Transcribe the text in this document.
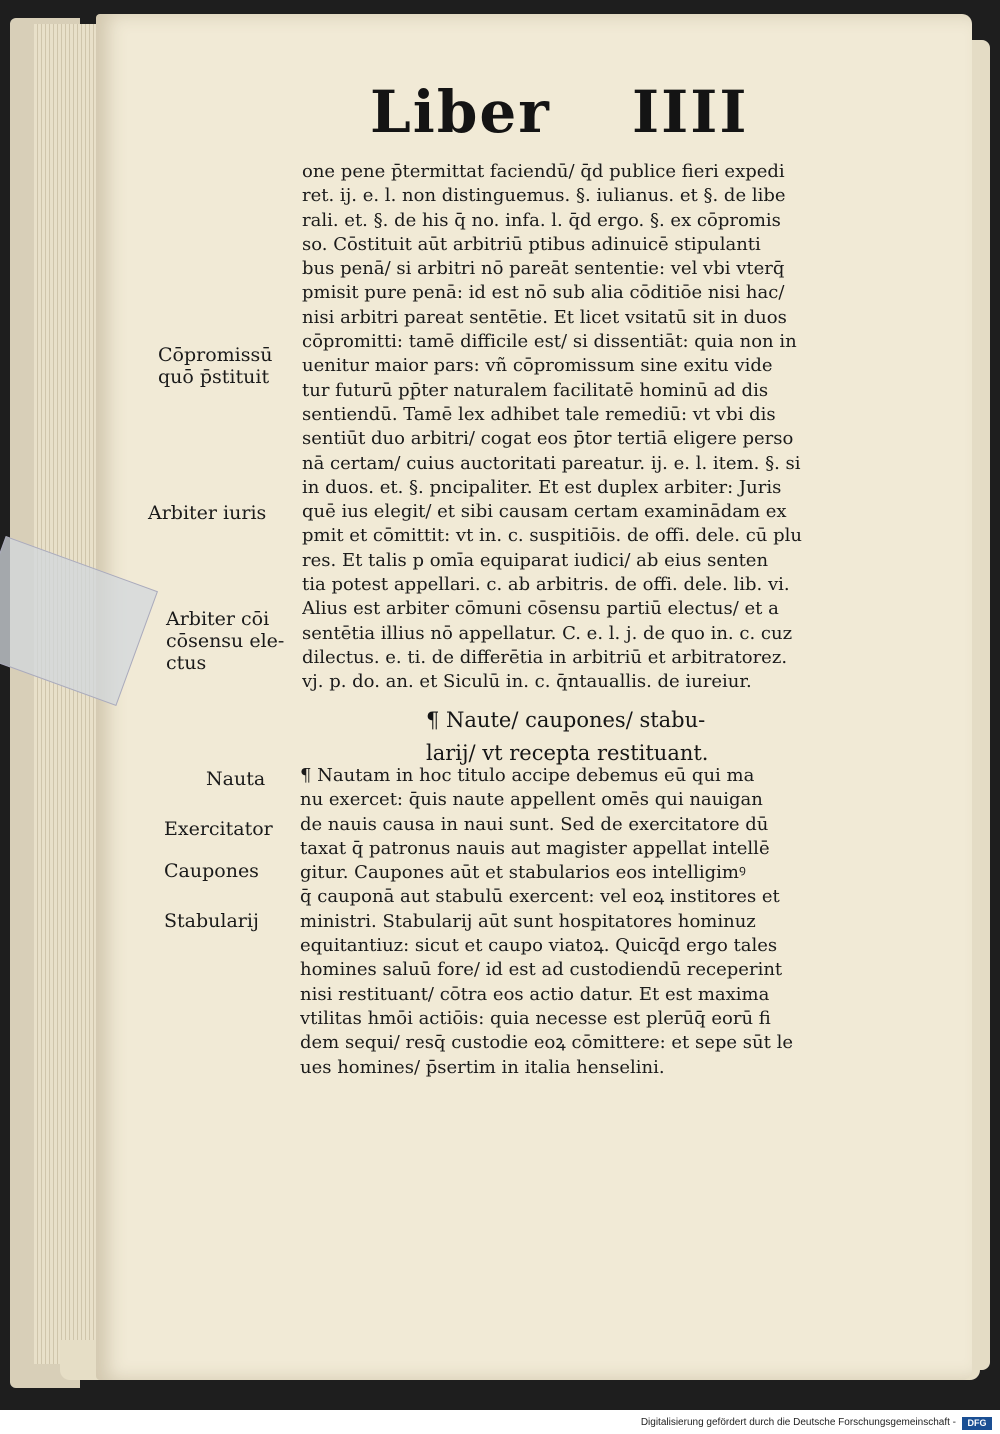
Liber IIII
one pene p̄termittat faciendū/ q̄d publice fieri expedi
ret. ij. e. l. non distinguemus. §. iulianus. et §. de libe
rali. et. §. de his q̄ no. infa. l. q̄d ergo. §. ex cōpromis
so. Cōstituit aūt arbitriū ptibus adinuicē stipulanti
bus penā/ si arbitri nō pareāt sententie: vel vbi vterq̄
pmisit pure penā: id est nō sub alia cōditiōe nisi hac/
nisi arbitri pareat sentētie. Et licet vsitatū sit in duos
cōpromitti: tamē difficile est/ si dissentiāt: quia non in
uenitur maior pars: vñ cōpromissum sine exitu vide
tur futurū pp̄ter naturalem facilitatē hominū ad dis
sentiendū. Tamē lex adhibet tale remediū: vt vbi dis
sentiūt duo arbitri/ cogat eos p̄tor tertiā eligere perso
nā certam/ cuius auctoritati pareatur. ij. e. l. item. §. si
in duos. et. §. pncipaliter. Et est duplex arbiter: Juris
quē ius elegit/ et sibi causam certam examinādam ex
pmit et cōmittit: vt in. c. suspitiōis. de offi. dele. cū plu
res. Et talis p omīa equiparat iudici/ ab eius senten
tia potest appellari. c. ab arbitris. de offi. dele. lib. vi.
Alius est arbiter cōmuni cōsensu partiū electus/ et a
sentētia illius nō appellatur. C. e. l. j. de quo in. c. cuz
dilectus. e. ti. de differētia in arbitriū et arbitratorez.
vj. p. do. an. et Siculū in. c. q̄ntauallis. de iureiur.
¶ Naute/ caupones/ stabu-
larij/ vt recepta restituant.
¶ Nautam in hoc titulo accipe debemus eū qui ma
nu exercet: q̄uis naute appellent omēs qui nauigan
de nauis causa in naui sunt. Sed de exercitatore dū
taxat q̄ patronus nauis aut magister appellat intellē
gitur. Caupones aūt et stabularios eos intelligimꝰ
q̄ cauponā aut stabulū exercent: vel eoꝝ institores et
ministri. Stabularij aūt sunt hospitatores hominuz
equitantiuz: sicut et caupo viatoꝝ. Quicq̄d ergo tales
homines saluū fore/ id est ad custodiendū receperint
nisi restituant/ cōtra eos actio datur. Et est maxima
vtilitas hmōi actiōis: quia necesse est plerūq̄ eorū fi
dem sequi/ resq̄ custodie eoꝝ cōmittere: et sepe sūt le
ues homines/ p̄sertim in italia henselini.
Cōpromissū
quō p̄stituit
Arbiter iuris
Arbiter cōi
cōsensu ele-
ctus
Nauta
Exercitator
Caupones
Stabularij
Digitalisierung gefördert durch die Deutsche Forschungsgemeinschaft -	DFG
